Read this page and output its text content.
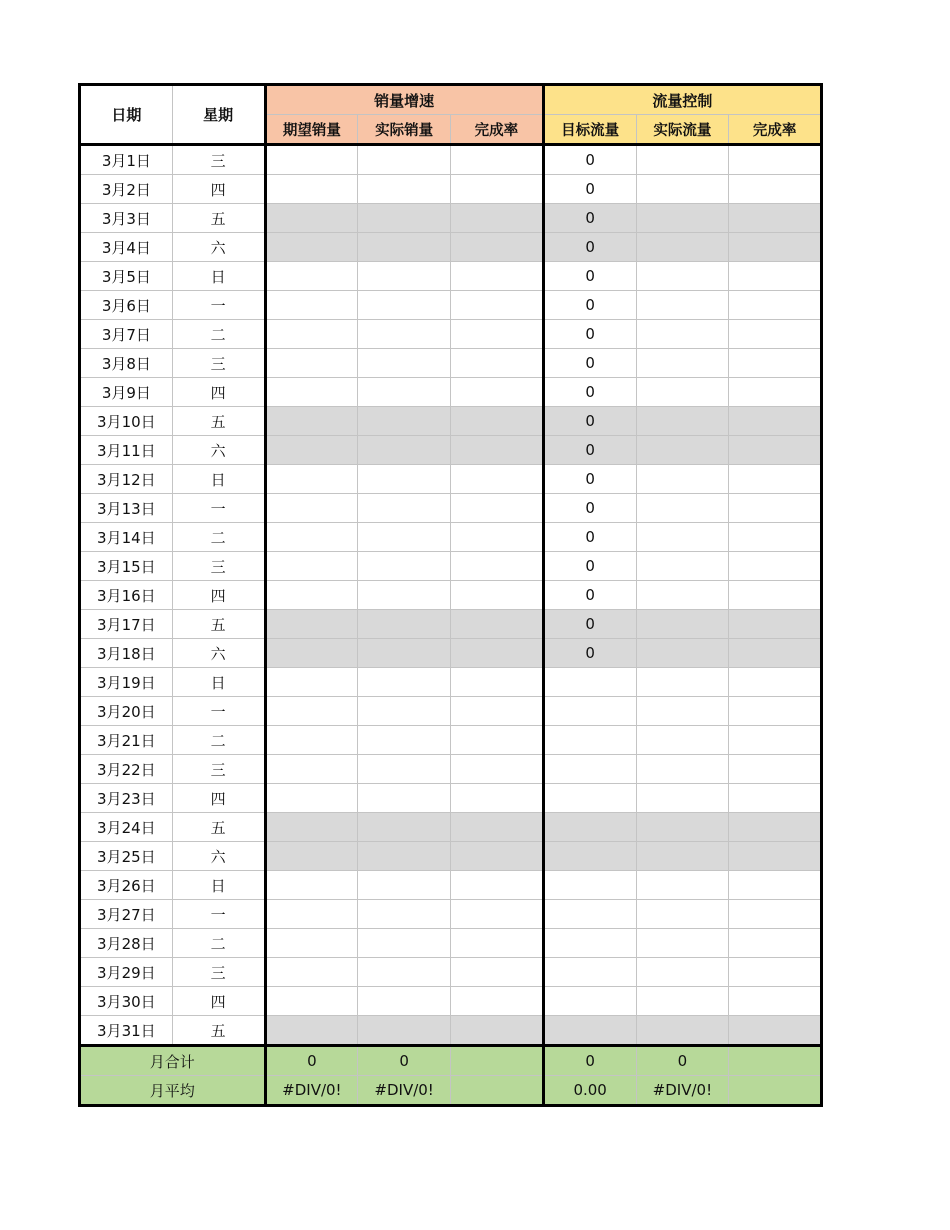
日期	星期	销量增速			流量控制		
		期望销量	实际销量	完成率	目标流量	实际流量	完成率
3月1日	三				0		
3月2日	四				0		
3月3日	五				0		
3月4日	六				0		
3月5日	日				0		
3月6日	一				0		
3月7日	二				0		
3月8日	三				0		
3月9日	四				0		
3月10日	五				0		
3月11日	六				0		
3月12日	日				0		
3月13日	一				0		
3月14日	二				0		
3月15日	三				0		
3月16日	四				0		
3月17日	五				0		
3月18日	六				0		
3月19日	日						
3月20日	一						
3月21日	二						
3月22日	三						
3月23日	四						
3月24日	五						
3月25日	六						
3月26日	日						
3月27日	一						
3月28日	二						
3月29日	三						
3月30日	四						
3月31日	五						
月合计		0	0		0	0	
月平均		#DIV/0!	#DIV/0!		0.00	#DIV/0!	
